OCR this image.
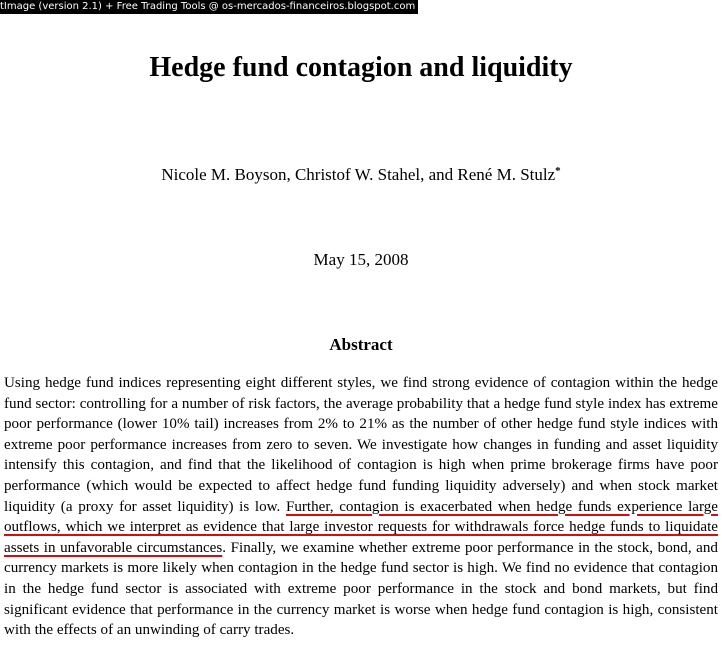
tImage (version 2.1) + Free Trading Tools @ os-mercados-financeiros.blogspot.com
Hedge fund contagion and liquidity
Nicole M. Boyson, Christof W. Stahel, and René M. Stulz*
May 15, 2008
Abstract

Using hedge fund indices representing eight different styles, we find strong evidence of contagion within the hedge fund sector: controlling for a number of risk factors, the average probability that a hedge fund style index has extreme poor performance (lower 10% tail) increases from 2% to 21% as the number of other hedge fund style indices with extreme poor performance increases from zero to seven. We investigate how changes in funding and asset liquidity intensify this contagion, and find that the likelihood of contagion is high when prime brokerage firms have poor performance (which would be expected to affect hedge fund funding liquidity adversely) and when stock market liquidity (a proxy for asset liquidity) is low. Further, contagion is exacerbated when hedge funds experience large outflows, which we interpret as evidence that large investor requests for withdrawals force hedge funds to liquidate assets in unfavorable circumstances. Finally, we examine whether extreme poor performance in the stock, bond, and currency markets is more likely when contagion in the hedge fund sector is high. We find no evidence that contagion in the hedge fund sector is associated with extreme poor performance in the stock and bond markets, but find significant evidence that performance in the currency market is worse when hedge fund contagion is high, consistent with the effects of an unwinding of carry trades.
